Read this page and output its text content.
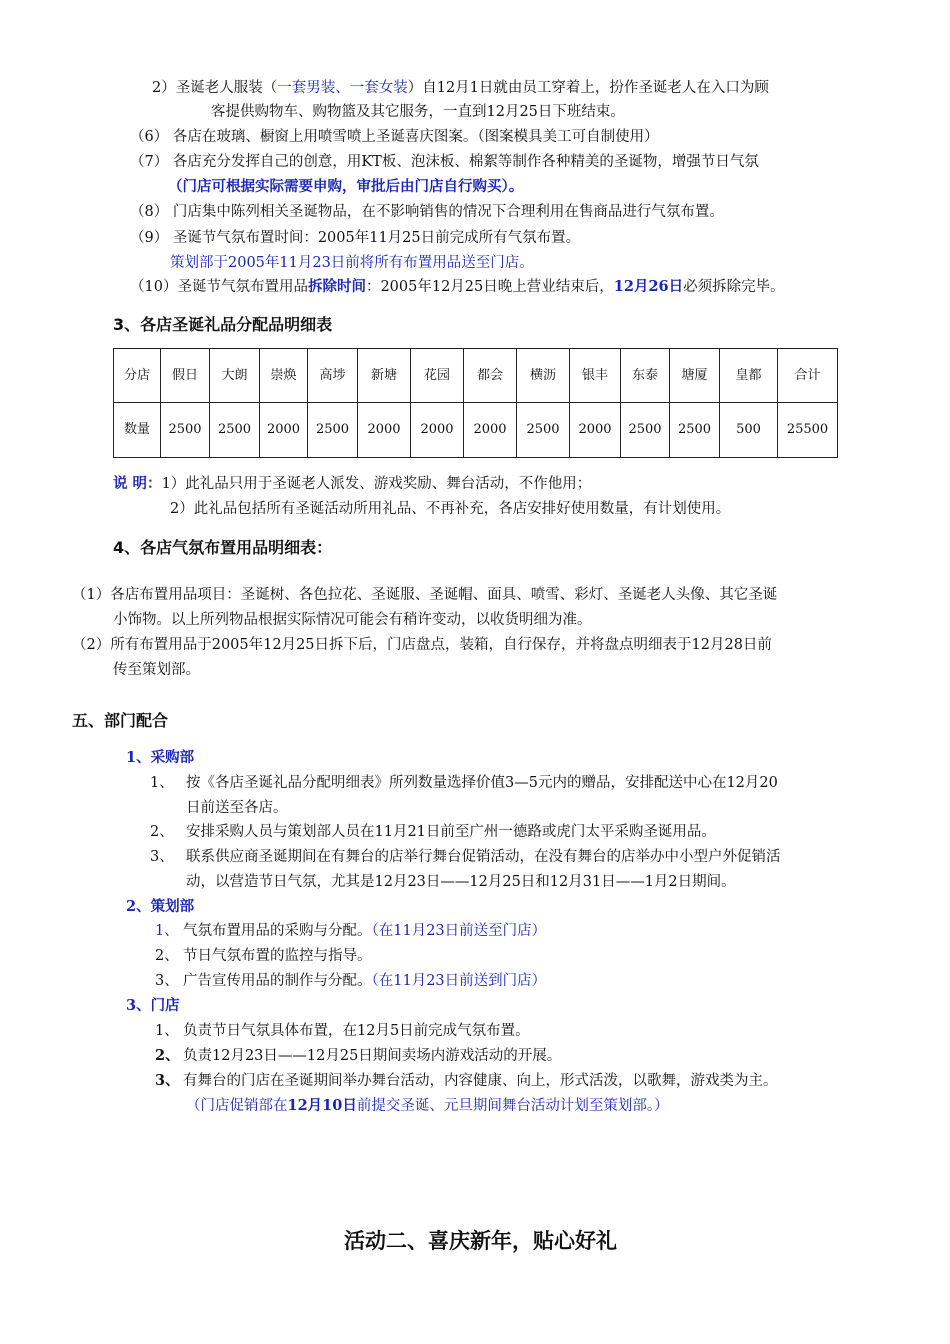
2）圣诞老人服装（一套男装、一套女装）自12月1日就由员工穿着上，扮作圣诞老人在入口为顾
客提供购物车、购物篮及其它服务，一直到12月25日下班结束。
（6） 各店在玻璃、橱窗上用喷雪喷上圣诞喜庆图案。（图案模具美工可自制使用）
（7） 各店充分发挥自己的创意，用KT板、泡沫板、棉絮等制作各种精美的圣诞物，增强节日气氛
（门店可根据实际需要申购，审批后由门店自行购买）。
（8） 门店集中陈列相关圣诞物品，在不影响销售的情况下合理利用在售商品进行气氛布置。
（9） 圣诞节气氛布置时间：2005年11月25日前完成所有气氛布置。
策划部于2005年11月23日前将所有布置用品送至门店。
（10）圣诞节气氛布置用品拆除时间：2005年12月25日晚上营业结束后，12月26日必须拆除完毕。
3、各店圣诞礼品分配品明细表
分店	假日	大朗	崇焕	高埗	新塘	花园	都会	横沥	银丰	东泰	塘厦	皇都	合计
数量	2500	2500	2000	2500	2000	2000	2000	2500	2000	2500	2500	500	25500
说 明：1）此礼品只用于圣诞老人派发、游戏奖励、舞台活动，不作他用；
2）此礼品包括所有圣诞活动所用礼品、不再补充，各店安排好使用数量，有计划使用。
4、各店气氛布置用品明细表：
（1）各店布置用品项目：圣诞树、各色拉花、圣诞服、圣诞帽、面具、喷雪、彩灯、圣诞老人头像、其它圣诞
小饰物。以上所列物品根据实际情况可能会有稍许变动，以收货明细为准。
（2）所有布置用品于2005年12月25日拆下后，门店盘点，装箱，自行保存，并将盘点明细表于12月28日前
传至策划部。
五、部门配合
1、采购部
1、 按《各店圣诞礼品分配明细表》所列数量选择价值3—5元内的赠品，安排配送中心在12月20
日前送至各店。
2、 安排采购人员与策划部人员在11月21日前至广州一德路或虎门太平采购圣诞用品。
3、 联系供应商圣诞期间在有舞台的店举行舞台促销活动，在没有舞台的店举办中小型户外促销活
动，以营造节日气氛，尤其是12月23日——12月25日和12月31日——1月2日期间。
2、策划部
1、 气氛布置用品的采购与分配。（在11月23日前送至门店）
2、 节日气氛布置的监控与指导。
3、 广告宣传用品的制作与分配。（在11月23日前送到门店）
3、门店
1、 负责节日气氛具体布置，在12月5日前完成气氛布置。
2、 负责12月23日——12月25日期间卖场内游戏活动的开展。
3、 有舞台的门店在圣诞期间举办舞台活动，内容健康、向上，形式活泼，以歌舞，游戏类为主。
（门店促销部在12月10日前提交圣诞、元旦期间舞台活动计划至策划部。）
活动二、喜庆新年，贴心好礼
